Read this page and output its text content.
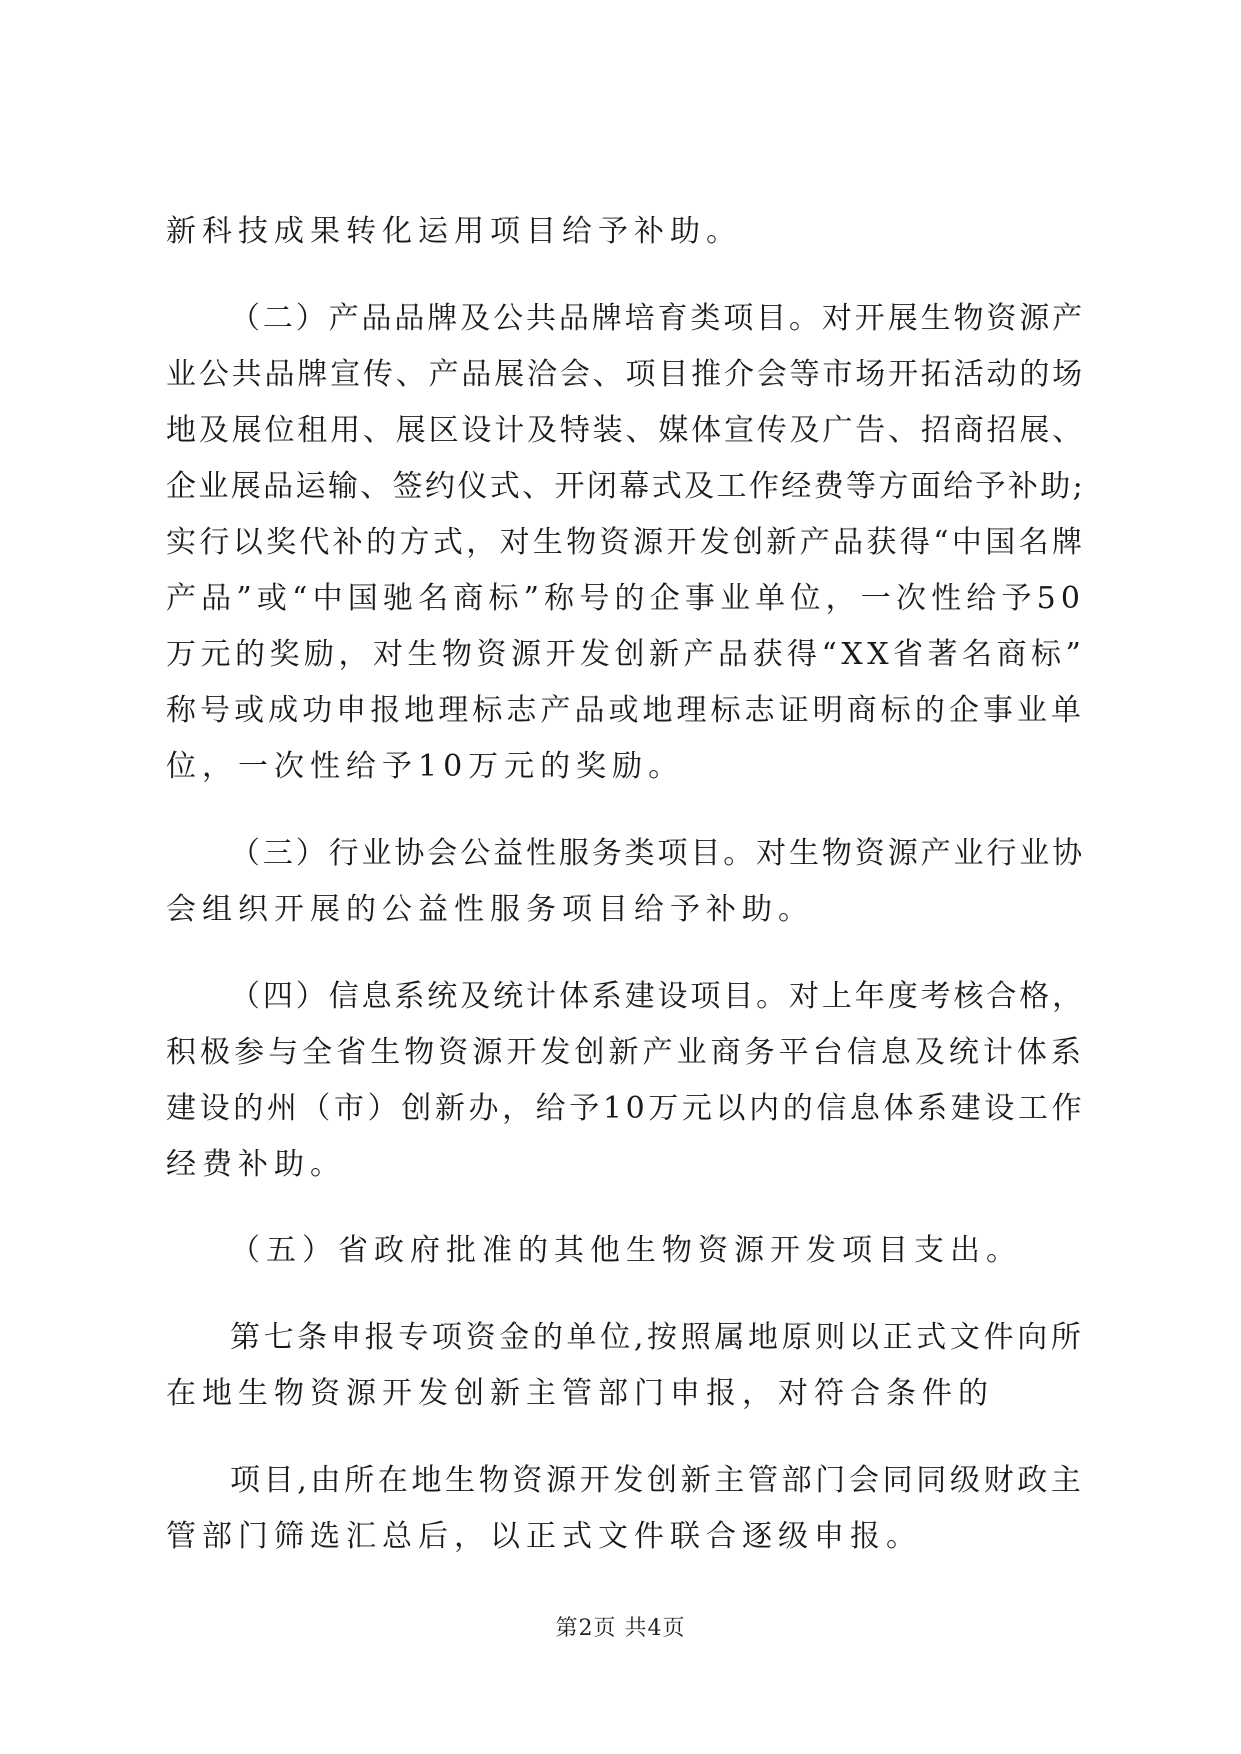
新科技成果转化运用项目给予补助。
（二）产品品牌及公共品牌培育类项目。对开展生物资源产
业公共品牌宣传、产品展洽会、项目推介会等市场开拓活动的场
地及展位租用、展区设计及特装、媒体宣传及广告、招商招展、
企业展品运输、签约仪式、开闭幕式及工作经费等方面给予补助;
实行以奖代补的方式，对生物资源开发创新产品获得“中国名牌
产品”或“中国驰名商标”称号的企事业单位，一次性给予50
万元的奖励，对生物资源开发创新产品获得“XX省著名商标”
称号或成功申报地理标志产品或地理标志证明商标的企事业单
位，一次性给予10万元的奖励。
（三）行业协会公益性服务类项目。对生物资源产业行业协
会组织开展的公益性服务项目给予补助。
（四）信息系统及统计体系建设项目。对上年度考核合格，
积极参与全省生物资源开发创新产业商务平台信息及统计体系
建设的州（市）创新办，给予10万元以内的信息体系建设工作
经费补助。
（五）省政府批准的其他生物资源开发项目支出。
第七条申报专项资金的单位,按照属地原则以正式文件向所
在地生物资源开发创新主管部门申报，对符合条件的
项目,由所在地生物资源开发创新主管部门会同同级财政主
管部门筛选汇总后，以正式文件联合逐级申报。
第2页 共4页
